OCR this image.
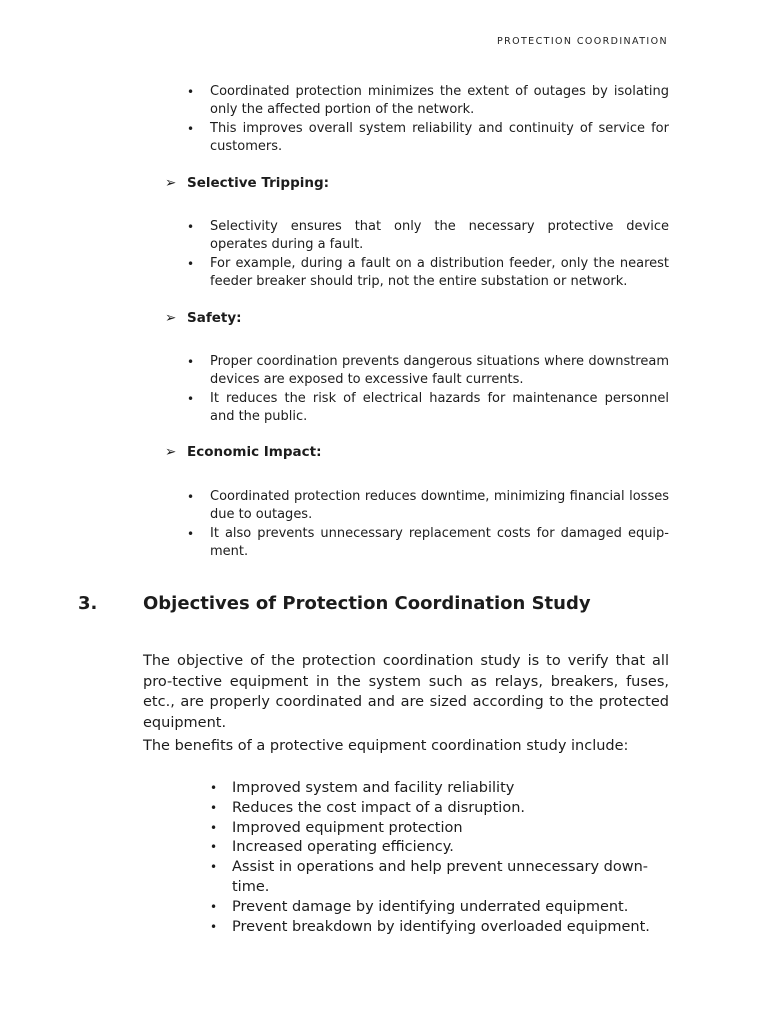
PROTECTION COORDINATION
• Coordinated protection minimizes the extent of outages by isolating only the affected portion of the network.
• This improves overall system reliability and continuity of service for customers.
➢ Selective Tripping:
• Selectivity ensures that only the necessary protective device operates during a fault.
• For example, during a fault on a distribution feeder, only the nearest feeder breaker should trip, not the entire substation or network.
➢ Safety:
• Proper coordination prevents dangerous situations where downstream devices are exposed to excessive fault currents.
• It reduces the risk of electrical hazards for maintenance personnel and the public.
➢ Economic Impact:
• Coordinated protection reduces downtime, minimizing financial losses due to outages.
• It also prevents unnecessary replacement costs for damaged equip-ment.
3.	Objectives of Protection Coordination Study

The objective of the protection coordination study is to verify that all pro-tective equipment in the system such as relays, breakers, fuses, etc., are properly coordinated and are sized according to the protected equipment.

The benefits of a protective equipment coordination study include:

• Improved system and facility reliability
• Reduces the cost impact of a disruption.
• Improved equipment protection
• Increased operating efficiency.
• Assist in operations and help prevent unnecessary down-time.
• Prevent damage by identifying underrated equipment.
• Prevent breakdown by identifying overloaded equipment.
